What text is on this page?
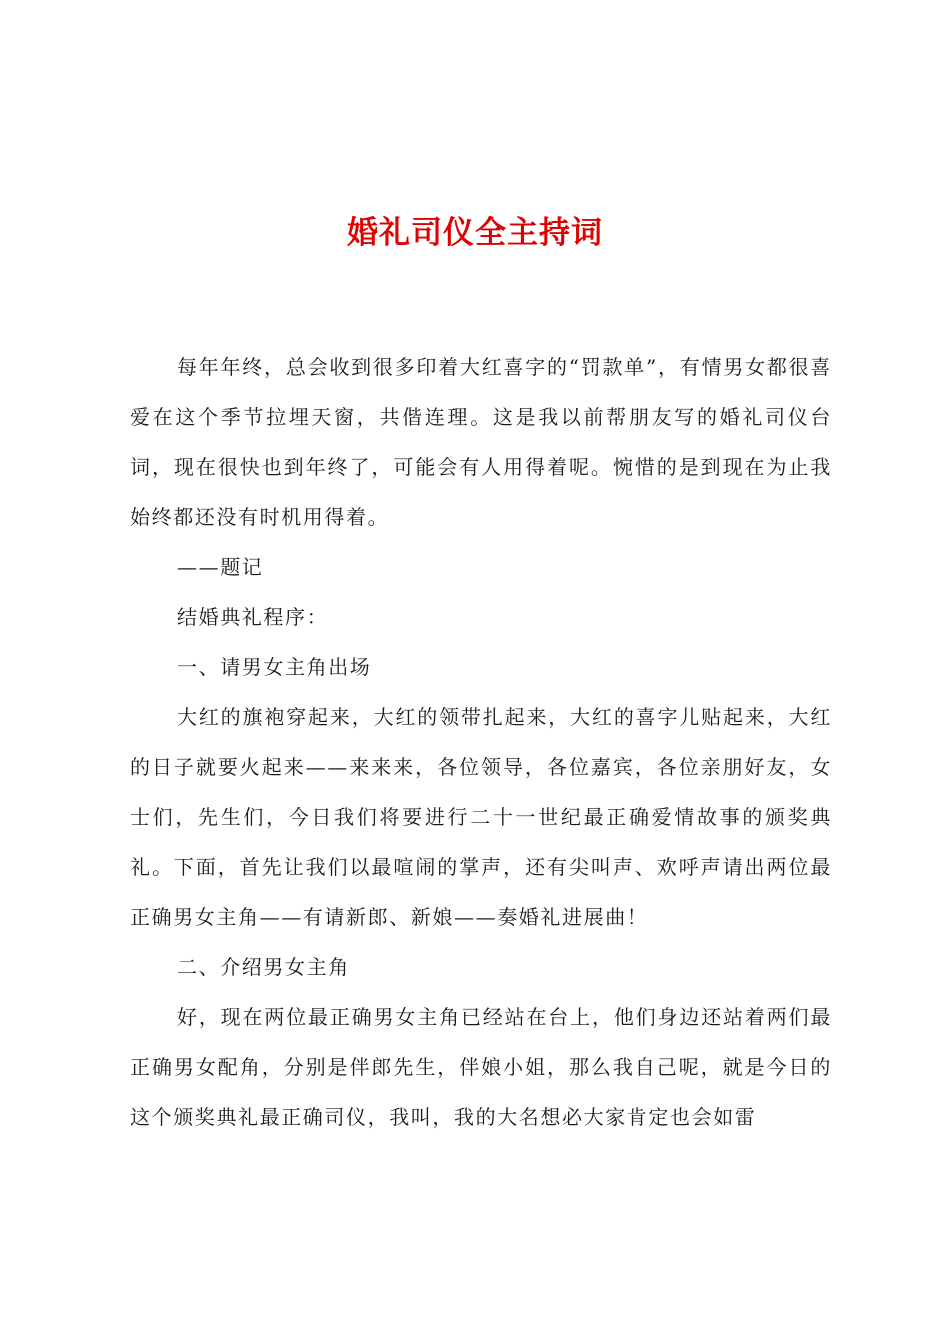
婚礼司仪全主持词

每年年终，总会收到很多印着大红喜字的“罚款单”，有情男女都很喜爱在这个季节拉埋天窗，共偕连理。这是我以前帮朋友写的婚礼司仪台词，现在很快也到年终了，可能会有人用得着呢。惋惜的是到现在为止我始终都还没有时机用得着。

——题记

结婚典礼程序：

一、请男女主角出场

大红的旗袍穿起来，大红的领带扎起来，大红的喜字儿贴起来，大红的日子就要火起来——来来来，各位领导，各位嘉宾，各位亲朋好友，女士们，先生们，今日我们将要进行二十一世纪最正确爱情故事的颁奖典礼。下面，首先让我们以最喧闹的掌声，还有尖叫声、欢呼声请出两位最正确男女主角——有请新郎、新娘——奏婚礼进展曲！

二、介绍男女主角

好，现在两位最正确男女主角已经站在台上，他们身边还站着两们最正确男女配角，分别是伴郎先生，伴娘小姐，那么我自己呢，就是今日的这个颁奖典礼最正确司仪，我叫，我的大名想必大家肯定也会如雷
